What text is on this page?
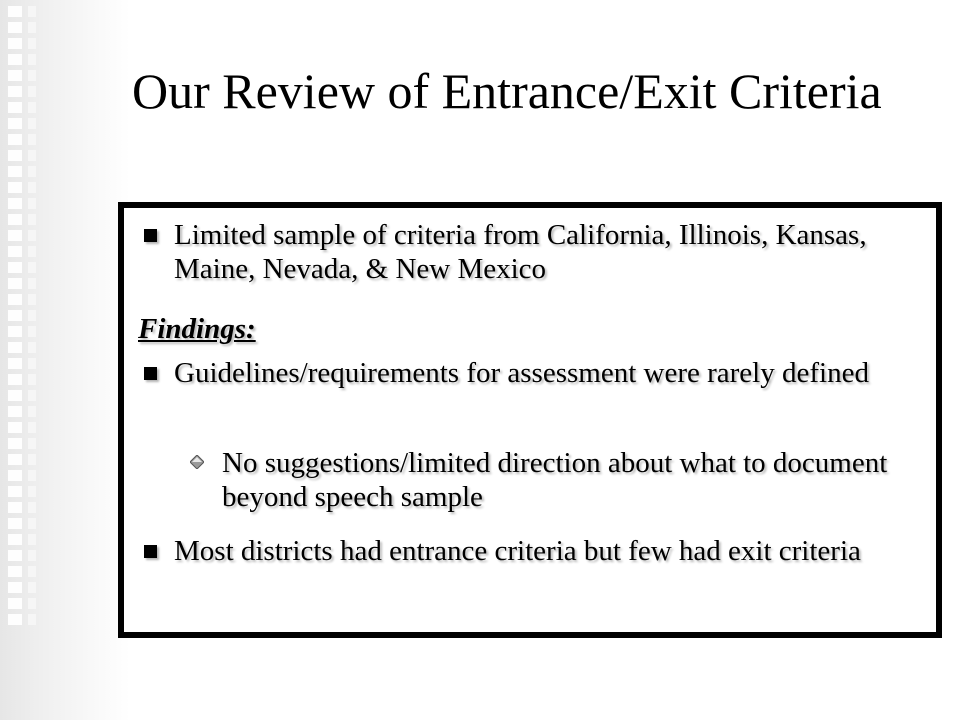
Our Review of Entrance/Exit Criteria
Limited sample of criteria from California, Illinois, Kansas, Maine, Nevada, & New Mexico
Findings:
Guidelines/requirements for assessment were rarely defined
No suggestions/limited direction about what to document beyond speech sample
Most districts had entrance criteria but few had exit criteria
